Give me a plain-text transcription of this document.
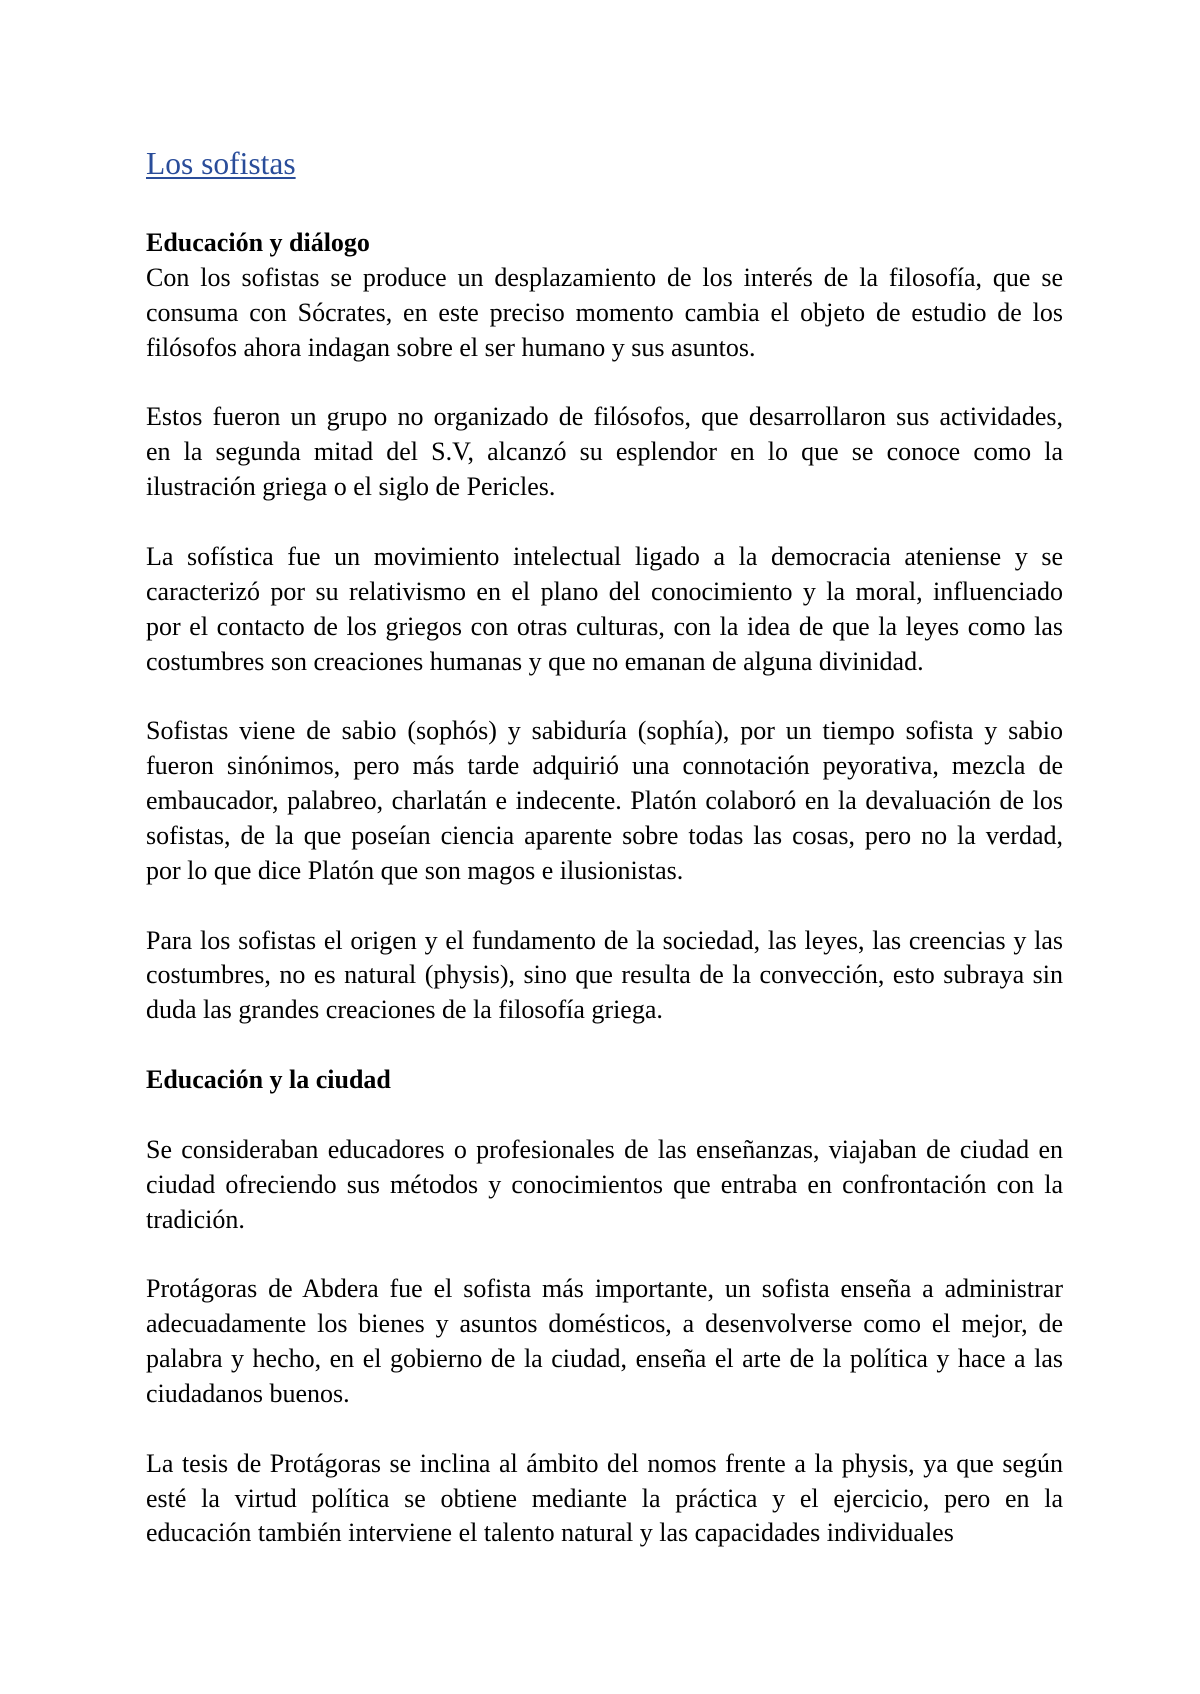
Los sofistas
Educación y diálogo
Con los sofistas se produce un desplazamiento de los interés de la filosofía, que se
consuma con Sócrates, en este preciso momento cambia el objeto de estudio de los
filósofos ahora indagan sobre el ser humano y sus asuntos.
Estos fueron un grupo no organizado de filósofos, que desarrollaron sus actividades,
en la segunda mitad del S.V, alcanzó su esplendor en lo que se conoce como la
ilustración griega o el siglo de Pericles.
La sofística fue un movimiento intelectual ligado a la democracia ateniense y se
caracterizó por su relativismo en el plano del conocimiento y la moral, influenciado
por el contacto de los griegos con otras culturas, con la idea de que la leyes como las
costumbres son creaciones humanas y que no emanan de alguna divinidad.
Sofistas viene de sabio (sophós) y sabiduría (sophía), por un tiempo sofista y sabio
fueron sinónimos, pero más tarde adquirió una connotación peyorativa, mezcla de
embaucador, palabreo, charlatán e indecente. Platón colaboró en la devaluación de los
sofistas, de la que poseían ciencia aparente sobre todas las cosas, pero no la verdad,
por lo que dice Platón que son magos e ilusionistas.
Para los sofistas el origen y el fundamento de la sociedad, las leyes, las creencias y las
costumbres, no es natural (physis), sino que resulta de la convección, esto subraya sin
duda las grandes creaciones de la filosofía griega.
Educación y la ciudad
Se consideraban educadores o profesionales de las enseñanzas, viajaban de ciudad en
ciudad ofreciendo sus métodos y conocimientos que entraba en confrontación con la
tradición.
Protágoras de Abdera fue el sofista más importante, un sofista enseña a administrar
adecuadamente los bienes y asuntos domésticos, a desenvolverse como el mejor, de
palabra y hecho, en el gobierno de la ciudad, enseña el arte de la política y hace a las
ciudadanos buenos.
La tesis de Protágoras se inclina al ámbito del nomos frente a la physis, ya que según
esté la virtud política se obtiene mediante la práctica y el ejercicio, pero en la
educación también interviene el talento natural y las capacidades individuales
